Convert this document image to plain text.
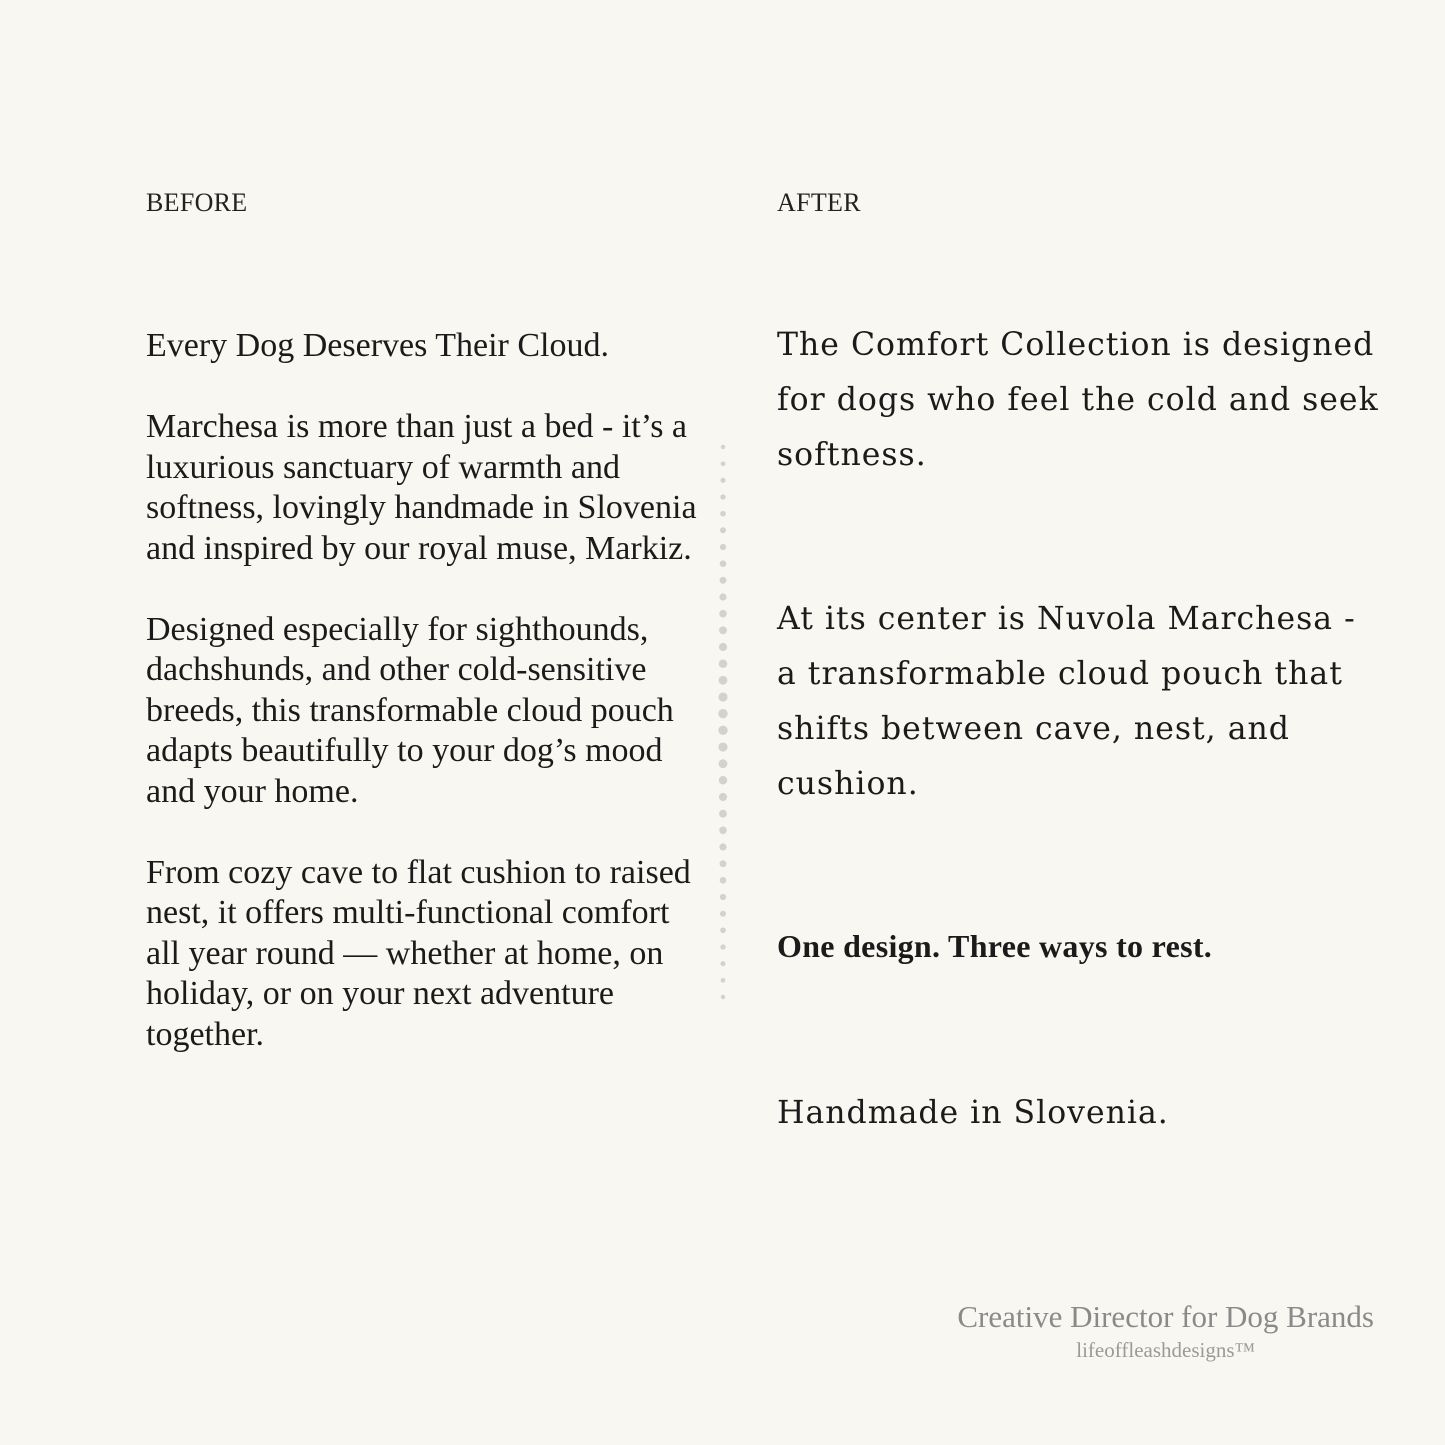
BEFORE	AFTER

Every Dog Deserves Their Cloud.

Marchesa is more than just a bed - it’s a luxurious sanctuary of warmth and softness, lovingly handmade in Slovenia and inspired by our royal muse, Markiz.

Designed especially for sighthounds, dachshunds, and other cold-sensitive breeds, this transformable cloud pouch adapts beautifully to your dog’s mood and your home.

From cozy cave to flat cushion to raised nest, it offers multi-functional comfort all year round — whether at home, on holiday, or on your next adventure together.

The Comfort Collection is designed
for dogs who feel the cold and seek
softness.

At its center is Nuvola Marchesa -
a transformable cloud pouch that
shifts between cave, nest, and
cushion.

One design. Three ways to rest.

Handmade in Slovenia.

Creative Director for Dog Brands
lifeoffleashdesigns™
